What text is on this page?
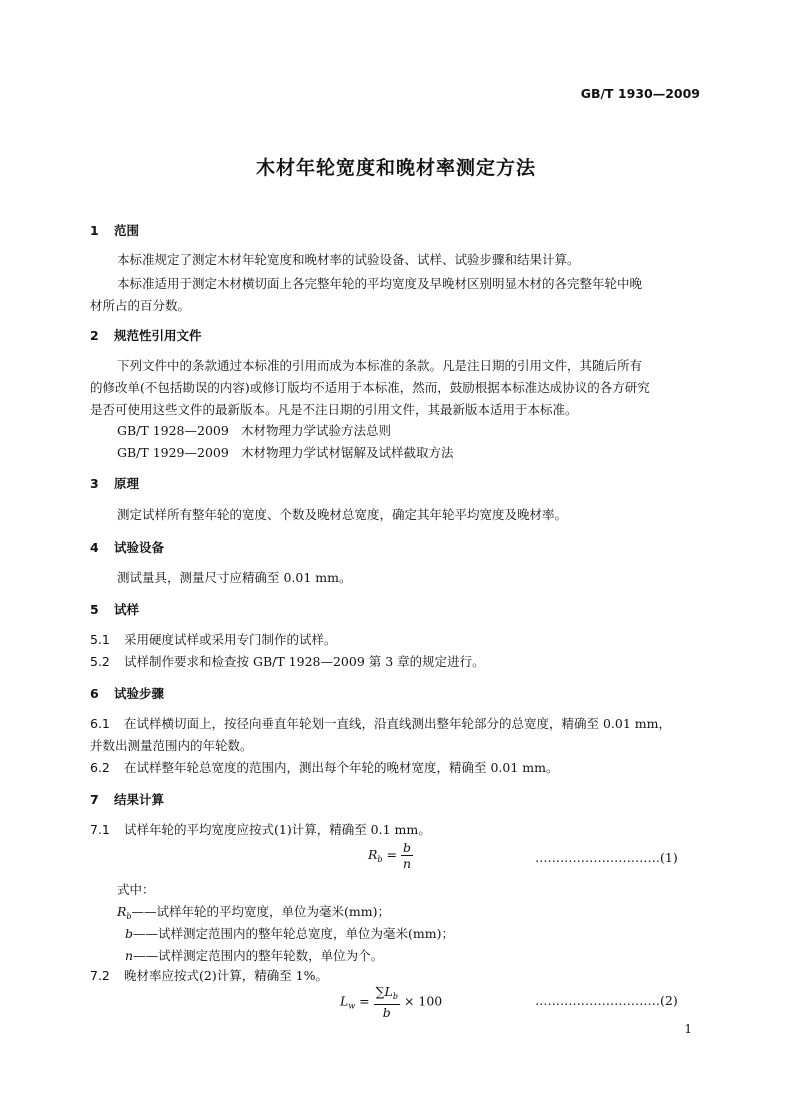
GB/T 1930—2009
木材年轮宽度和晚材率测定方法
1 范围
本标准规定了测定木材年轮宽度和晚材率的试验设备、试样、试验步骤和结果计算。
本标准适用于测定木材横切面上各完整年轮的平均宽度及早晚材区别明显木材的各完整年轮中晚
材所占的百分数。
2 规范性引用文件
下列文件中的条款通过本标准的引用而成为本标准的条款。凡是注日期的引用文件，其随后所有
的修改单(不包括勘误的内容)或修订版均不适用于本标准，然而，鼓励根据本标准达成协议的各方研究
是否可使用这些文件的最新版本。凡是不注日期的引用文件，其最新版本适用于本标准。
GB/T 1928—2009 木材物理力学试验方法总则
GB/T 1929—2009 木材物理力学试材锯解及试样截取方法
3 原理
测定试样所有整年轮的宽度、个数及晚材总宽度，确定其年轮平均宽度及晚材率。
4 试验设备
测试量具，测量尺寸应精确至 0.01 mm。
5 试样
5.1 采用硬度试样或采用专门制作的试样。
5.2 试样制作要求和检查按 GB/T 1928—2009 第 3 章的规定进行。
6 试验步骤
6.1 在试样横切面上，按径向垂直年轮划一直线，沿直线测出整年轮部分的总宽度，精确至 0.01 mm，
并数出测量范围内的年轮数。
6.2 在试样整年轮总宽度的范围内，测出每个年轮的晚材宽度，精确至 0.01 mm。
7 结果计算
7.1 试样年轮的平均宽度应按式(1)计算，精确至 0.1 mm。
$R_b = \frac{b}{n}$	…………………………(1)
式中：
$R_b——$试样年轮的平均宽度，单位为毫米(mm)；
b——试样测定范围内的整年轮总宽度，单位为毫米(mm)；
n——试样测定范围内的整年轮数，单位为个。
7.2 晚材率应按式(2)计算，精确至 1%。
$L_w = \frac{\sum L_b}{b} \times 100$	…………………………(2)
1
